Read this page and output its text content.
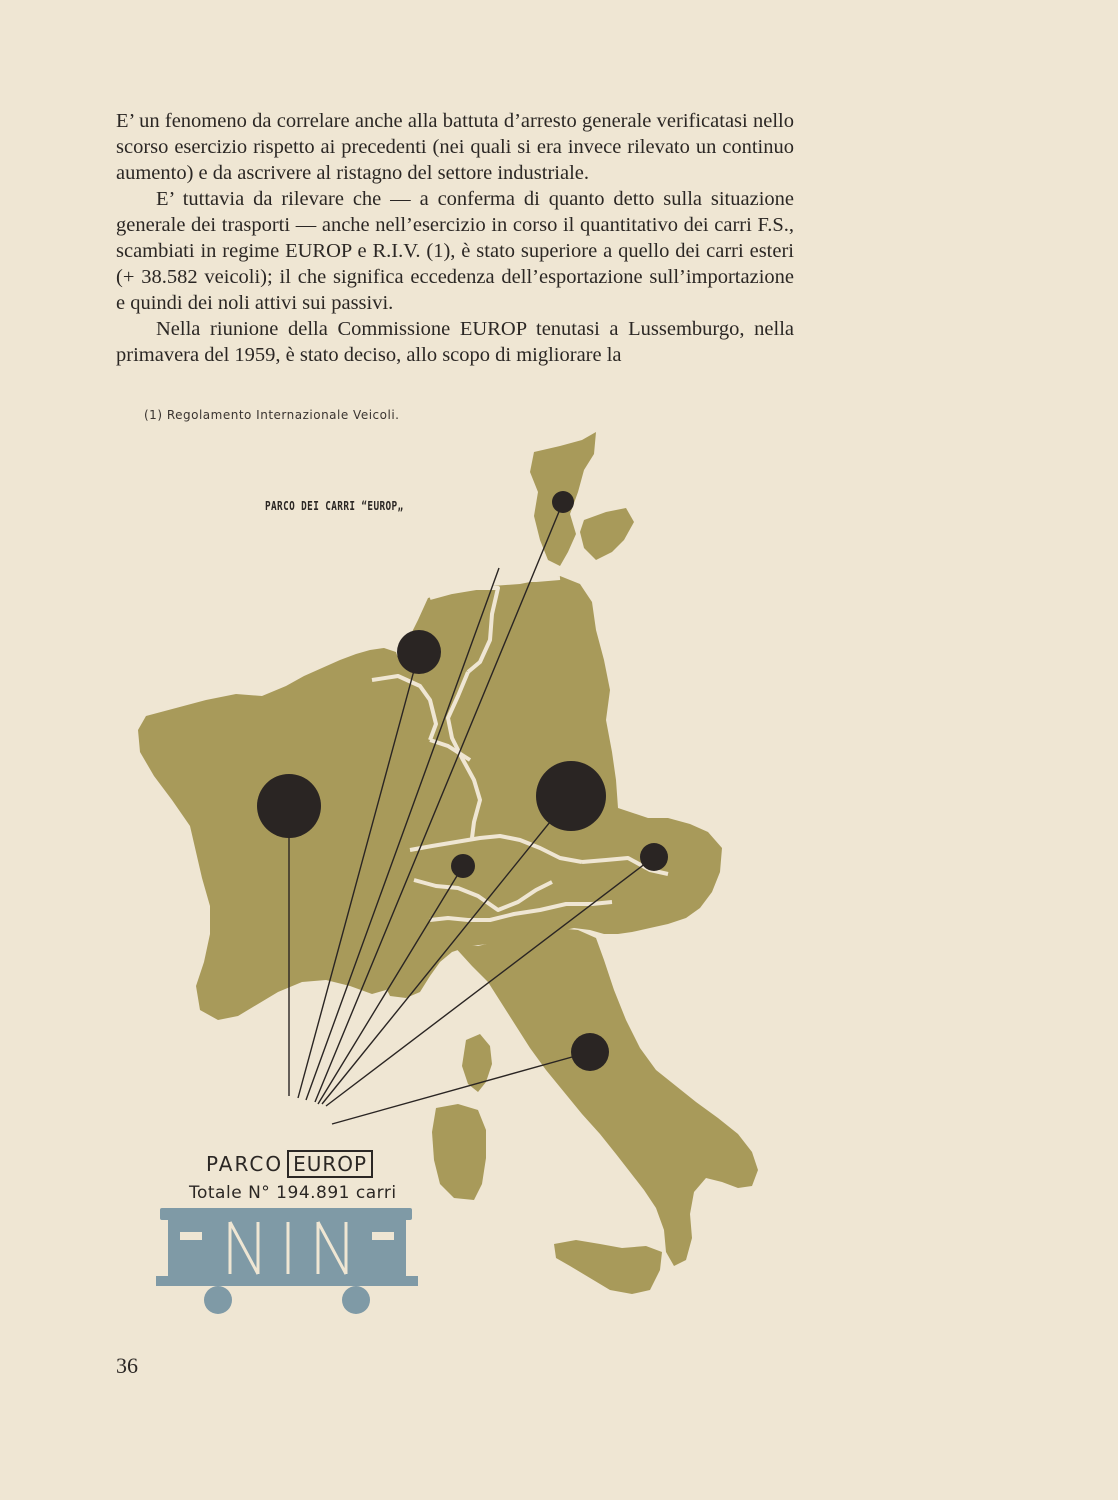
E’ un fenomeno da correlare anche alla battuta d’arresto generale verificatasi nello scorso esercizio rispetto ai precedenti (nei quali si era invece rilevato un continuo aumento) e da ascrivere al ristagno del settore industriale.

E’ tuttavia da rilevare che — a conferma di quanto detto sulla situazione generale dei trasporti — anche nell’esercizio in corso il quantitativo dei carri F.S., scambiati in regime EUROP e R.I.V. (1), è stato superiore a quello dei carri esteri (+ 38.582 veicoli); il che significa eccedenza dell’esportazione sull’importazione e quindi dei noli attivi sui passivi.

Nella riunione della Commissione EUROP tenutasi a Lussemburgo, nella primavera del 1959, è stato deciso, allo scopo di migliorare la

(1) Regolamento Internazionale Veicoli.
PARCO DEI CARRI “EUROP„
PARCO EUROP
Totale N° 194.891 carri
36
